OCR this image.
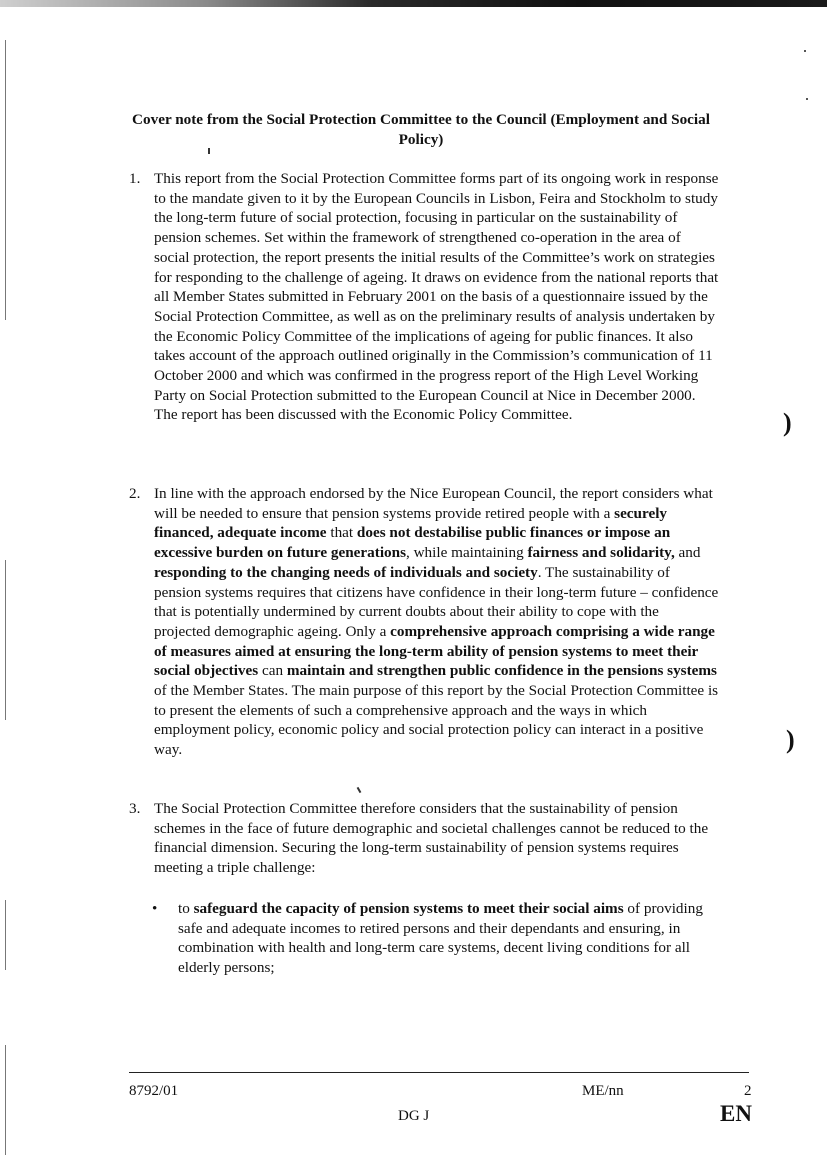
Cover note from the Social Protection Committee to the Council (Employment and Social Policy)
1. This report from the Social Protection Committee forms part of its ongoing work in response to the mandate given to it by the European Councils in Lisbon, Feira and Stockholm to study the long-term future of social protection, focusing in particular on the sustainability of pension schemes. Set within the framework of strengthened co-operation in the area of social protection, the report presents the initial results of the Committee’s work on strategies for responding to the challenge of ageing. It draws on evidence from the national reports that all Member States submitted in February 2001 on the basis of a questionnaire issued by the Social Protection Committee, as well as on the preliminary results of analysis undertaken by the Economic Policy Committee of the implications of ageing for public finances. It also takes account of the approach outlined originally in the Commission’s communication of 11 October 2000 and which was confirmed in the progress report of the High Level Working Party on Social Protection submitted to the European Council at Nice in December 2000. The report has been discussed with the Economic Policy Committee.
2. In line with the approach endorsed by the Nice European Council, the report considers what will be needed to ensure that pension systems provide retired people with a securely financed, adequate income that does not destabilise public finances or impose an excessive burden on future generations, while maintaining fairness and solidarity, and responding to the changing needs of individuals and society. The sustainability of pension systems requires that citizens have confidence in their long-term future – confidence that is potentially undermined by current doubts about their ability to cope with the projected demographic ageing. Only a comprehensive approach comprising a wide range of measures aimed at ensuring the long-term ability of pension systems to meet their social objectives can maintain and strengthen public confidence in the pensions systems of the Member States. The main purpose of this report by the Social Protection Committee is to present the elements of such a comprehensive approach and the ways in which employment policy, economic policy and social protection policy can interact in a positive way.
3. The Social Protection Committee therefore considers that the sustainability of pension schemes in the face of future demographic and societal challenges cannot be reduced to the financial dimension. Securing the long-term sustainability of pension systems requires meeting a triple challenge:
• to safeguard the capacity of pension systems to meet their social aims of providing safe and adequate incomes to retired persons and their dependants and ensuring, in combination with health and long-term care systems, decent living conditions for all elderly persons;
)
)
8792/01	ME/nn	2
DG J	EN
